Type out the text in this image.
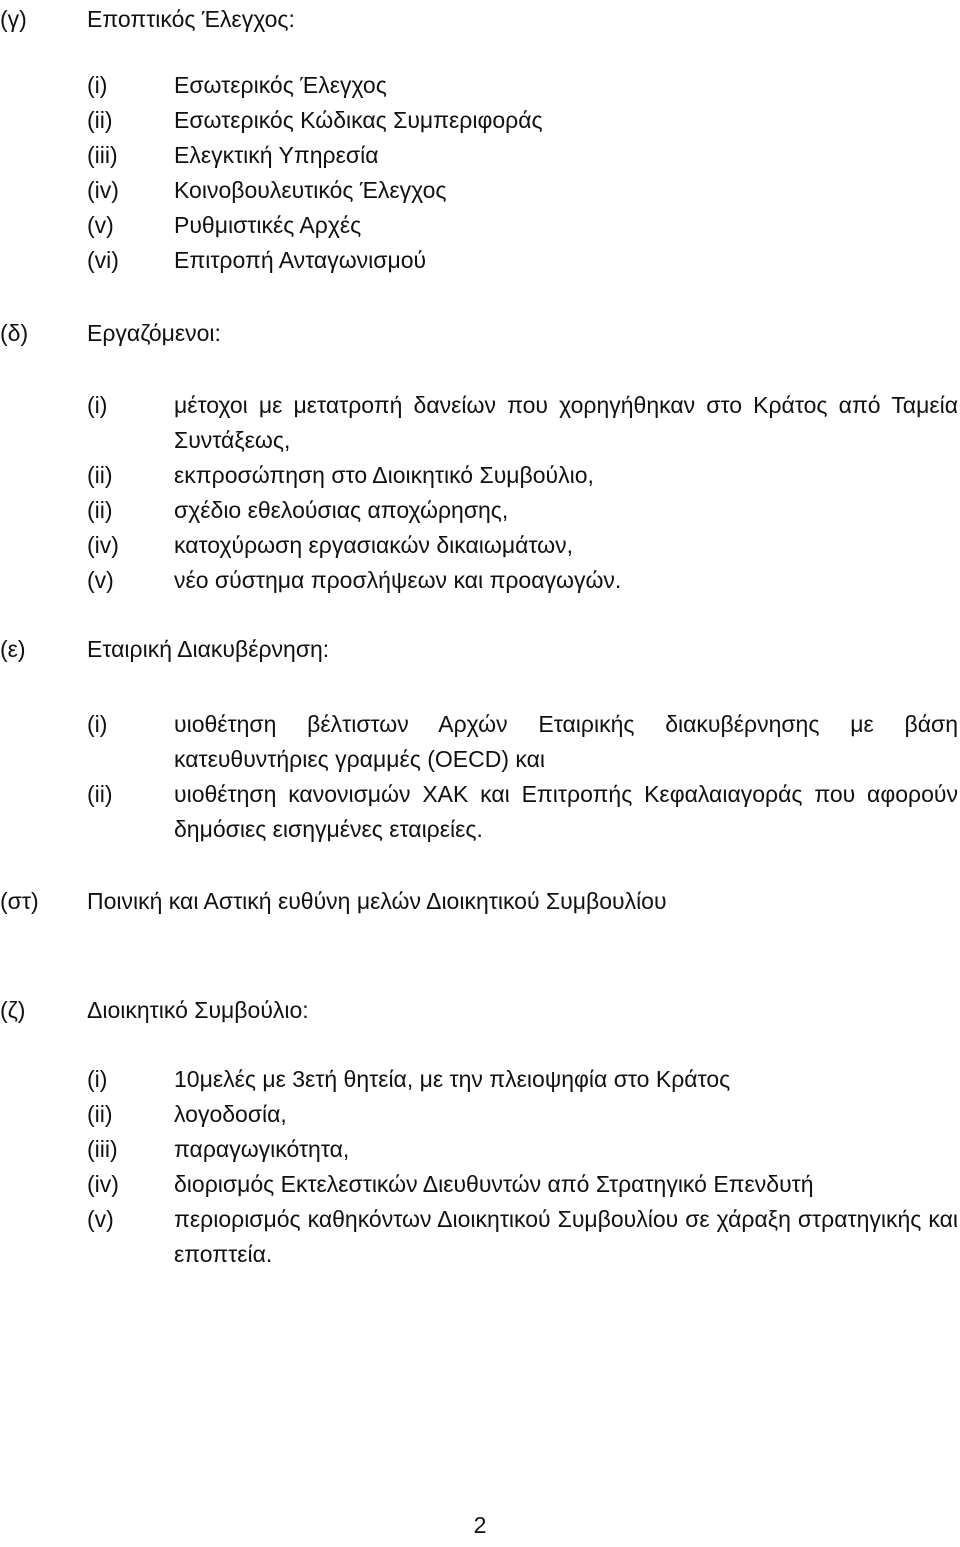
(γ)	Εποπτικός Έλεγχος:
(i)	Εσωτερικός Έλεγχος
(ii)	Εσωτερικός Κώδικας Συμπεριφοράς
(iii) Ελεγκτική Υπηρεσία
(iv) Κοινοβουλευτικός Έλεγχος
(v)	Ρυθμιστικές Αρχές
(vi) Επιτροπή Ανταγωνισμού
(δ)	Εργαζόμενοι:
(i)	μέτοχοι με μετατροπή δανείων που χορηγήθηκαν στο Κράτος από Ταμεία Συντάξεως,
(ii)	εκπροσώπηση στο Διοικητικό Συμβούλιο,
(ii)	σχέδιο εθελούσιας αποχώρησης,
(iv) κατοχύρωση εργασιακών δικαιωμάτων,
(v)	νέο σύστημα προσλήψεων και προαγωγών.
(ε)	Εταιρική Διακυβέρνηση:
(i)	υιοθέτηση βέλτιστων Αρχών Εταιρικής διακυβέρνησης με βάση κατευθυντήριες γραμμές (OECD) και
(ii)	υιοθέτηση κανονισμών ΧΑΚ και Επιτροπής Κεφαλαιαγοράς που αφορούν δημόσιες εισηγμένες εταιρείες.
(στ) Ποινική και Αστική ευθύνη μελών Διοικητικού Συμβουλίου
(ζ)	Διοικητικό Συμβούλιο:
(i)	10μελές με 3ετή θητεία, με την πλειοψηφία στο Κράτος
(ii)	λογοδοσία,
(iii) παραγωγικότητα,
(iv) διορισμός Εκτελεστικών Διευθυντών από Στρατηγικό Επενδυτή
(v)	περιορισμός καθηκόντων Διοικητικού Συμβουλίου σε χάραξη στρατηγικής και εποπτεία.
2
